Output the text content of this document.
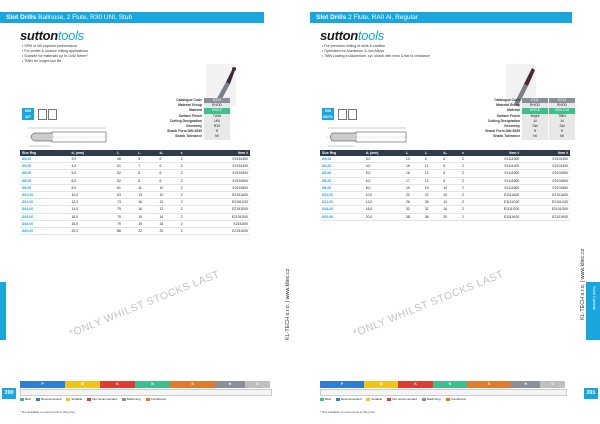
Slot Drills Ballnose, 2 Flute, R30 UNI, Stub
suttontools
• SPM of 4th superior performance
• For profile & contour milling applications
• Suitable for materials up to 1x40 N/mm²
• TiAlN for longer tool life
DIN 327
Catalogue Code	E215
Material Group	RHOD
Material	HSS-E
Surface Finish	TiAlN
Cutting Designation	UNI
Geometry	R30
Shank Form DIN 6535	H
Shank Tolerance	h6
Size Reg	d₁ (mm)	l₁	l₂	d₂	z	Item #
Ø3,00	3,0	46	5	6	2	E2151300
Ø4,00	4,0	51	7	6	2	E2151400
Ø5,00	5,0	52	8	6	2	E2151500
Ø6,00	6,0	52	8	6	2	E2151600
Ø8,00	8,0	61	11	10	2	E2151800
Ø10,00	10,0	63	13	10	2	E2151A00
Ø12,00	12,0	73	16	12	2	E2151C00
Ø14,00	14,0	79	16	12	2	E2151E00
Ø16,00	16,0	79	19	16	2	E2151G00
Ø18,00	18,0	79	19	16	2	E2151I00
Ø20,00	20,0	88	22	20	2	E2151K00
*ONLY WHILST STOCKS LAST	KL-TECH s.r.o. | www.kltec.cz
P	M	K	N	S	H	O
Best	Recommended	Suitable	Not recommended	Machining	Conditional
* Not available on some tools in this price
390
Slot Drills 2 Flute, RA0 Al, Regular
suttontools
• For precision milling of slots & cavities
• Optimised for Aluminium & non Alloys
• TiBN coating in Aluminium, cyl. shank with neck & flat to clearance
DIN 6527L
Catalogue Code	E111	E210
Material Group	RHOD	RHOD
Material	HSS-E	HSS-Co8
Surface Finish	Bright	TiBN
Cutting Designation	Al	Al
Geometry	Std	Std
Shank Form DIN 6535	H	H
Shank Tolerance	h6	h6
Size Reg	d₁ (mm)	l₁	l₂	d₂	z	Item #	Item #
Ø3,00	3,0	13	6	6	2	E1111300	E2101300
Ø4,00	4,0	16	11	6	2	E1111400	E2101400
Ø5,00	5,0	16	13	6	2	E1111500	E2101500
Ø6,00	6,0	17	13	6	2	E1111600	E2101600
Ø8,00	8,0	19	19	10	2	E1111800	E2101800
Ø10,00	10,0	22	22	10	2	E1111A00	E2101A00
Ø12,00	12,0	26	26	12	2	E1111C00	E2101C00
Ø16,00	16,0	32	32	16	2	E1111G00	E2101G00
Ø20,00	20,0	38	38	20	2	E1111K00	E2101K00
*ONLY WHILST STOCKS LAST	KL-TECH s.r.o. | www.kltec.cz
P	M	K	N	S	H	O
Best	Recommended	Suitable	Not recommended	Machining	Conditional
* Not available on some tools in this price
391
Solid Carbide
